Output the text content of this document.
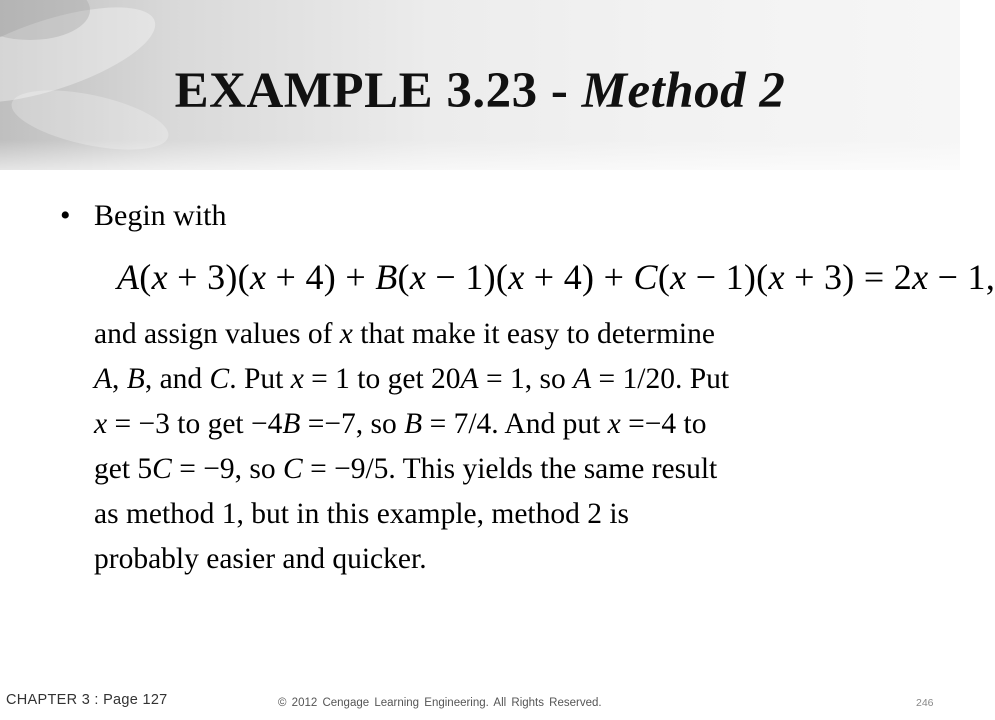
EXAMPLE 3.23 - Method 2
• Begin with
A(x + 3)(x + 4) + B(x − 1)(x + 4) + C(x − 1)(x + 3) = 2x − 1,

and assign values of x that make it easy to determine

A, B, and C. Put x = 1 to get 20A = 1, so A = 1/20. Put

x = −3 to get −4B =−7, so B = 7/4. And put x =−4 to

get 5C = −9, so C = −9/5. This yields the same result

as method 1, but in this example, method 2 is

probably easier and quicker.

CHAPTER 3 : Page 127	© 2012 Cengage Learning Engineering. All Rights Reserved.	246
